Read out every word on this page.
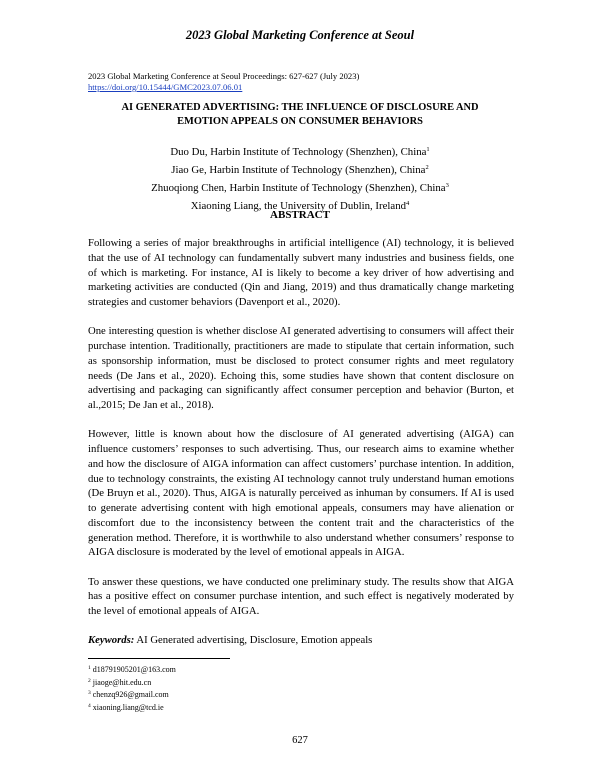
2023 Global Marketing Conference at Seoul
2023 Global Marketing Conference at Seoul Proceedings: 627-627 (July 2023)
https://doi.org/10.15444/GMC2023.07.06.01
AI GENERATED ADVERTISING: THE INFLUENCE OF DISCLOSURE AND
EMOTION APPEALS ON CONSUMER BEHAVIORS
Duo Du, Harbin Institute of Technology (Shenzhen), China$^1$
Jiao Ge, Harbin Institute of Technology (Shenzhen), China$^2$
Zhuoqiong Chen, Harbin Institute of Technology (Shenzhen), China$^3$
Xiaoning Liang, the University of Dublin, Ireland$^4$
ABSTRACT

Following a series of major breakthroughs in artificial intelligence (AI) technology, it is believed that the use of AI technology can fundamentally subvert many industries and business fields, one of which is marketing. For instance, AI is likely to become a key driver of how advertising and marketing activities are conducted (Qin and Jiang, 2019) and thus dramatically change marketing strategies and customer behaviors (Davenport et al., 2020).

One interesting question is whether disclose AI generated advertising to consumers will affect their purchase intention. Traditionally, practitioners are made to stipulate that certain information, such as sponsorship information, must be disclosed to protect consumer rights and meet regulatory needs (De Jans et al., 2020). Echoing this, some studies have shown that content disclosure on advertising and packaging can significantly affect consumer perception and behavior (Burton, et al.,2015; De Jan et al., 2018).

However, little is known about how the disclosure of AI generated advertising (AIGA) can influence customers’ responses to such advertising. Thus, our research aims to examine whether and how the disclosure of AIGA information can affect customers’ purchase intention. In addition, due to technology constraints, the existing AI technology cannot truly understand human emotions (De Bruyn et al., 2020). Thus, AIGA is naturally perceived as inhuman by consumers. If AI is used to generate advertising content with high emotional appeals, consumers may have alienation or discomfort due to the inconsistency between the content trait and the characteristics of the generation method. Therefore, it is worthwhile to also understand whether consumers’ response to AIGA disclosure is moderated by the level of emotional appeals in AIGA.

To answer these questions, we have conducted one preliminary study. The results show that AIGA has a positive effect on consumer purchase intention, and such effect is negatively moderated by the level of emotional appeals of AIGA.

Keywords: AI Generated advertising, Disclosure, Emotion appeals

$^1$ d18791905201@163.com
$^2$ jiaoge@hit.edu.cn
$^3$ chenzq926@gmail.com
$^4$ xiaoning.liang@tcd.ie
627
